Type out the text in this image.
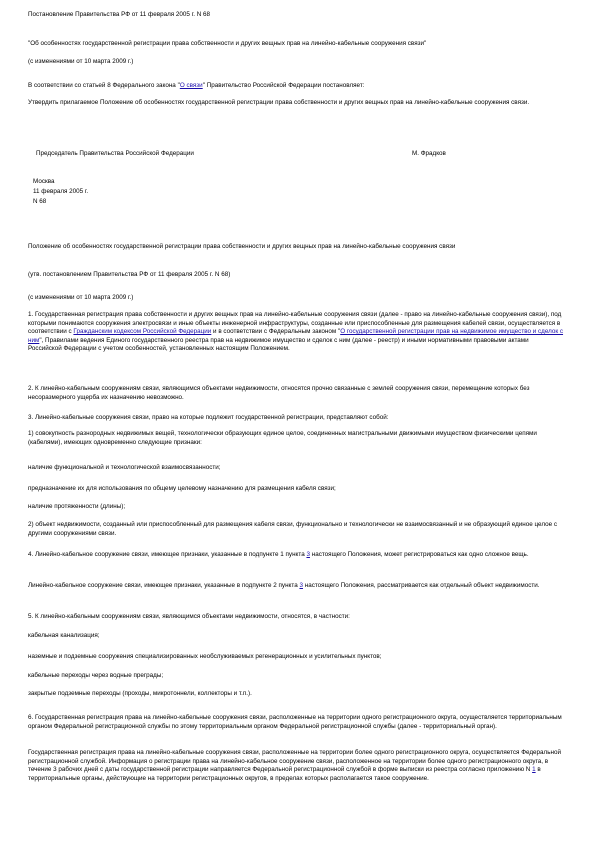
Постановление Правительства РФ от 11 февраля 2005 г. N 68

"Об особенностях государственной регистрации права собственности и других вещных прав на линейно-кабельные сооружения связи"

(с изменениями от 10 марта 2009 г.)

В соответствии со статьей 8 Федерального закона "О связи" Правительство Российской Федерации постановляет:

Утвердить прилагаемое Положение об особенностях государственной регистрации права собственности и других вещных прав на линейно-кабельные сооружения связи.

Председатель Правительства Российской Федерации	М. Фрадков

Москва

11 февраля 2005 г.

N 68

Положение об особенностях государственной регистрации права собственности и других вещных прав на линейно-кабельные сооружения связи

(утв. постановлением Правительства РФ от 11 февраля 2005 г. N 68)

(с изменениями от 10 марта 2009 г.)

1. Государственная регистрация права собственности и других вещных прав на линейно-кабельные сооружения связи (далее - право на линейно-кабельные сооружения связи), под которыми понимаются сооружения электросвязи и иные объекты инженерной инфраструктуры, созданные или приспособленные для размещения кабелей связи, осуществляется в соответствии с Гражданским кодексом Российской Федерации и в соответствии с Федеральным законом "О государственной регистрации прав на недвижимое имущество и сделок с ним", Правилами ведения Единого государственного реестра прав на недвижимое имущество и сделок с ним (далее - реестр) и иными нормативными правовыми актами Российской Федерации с учетом особенностей, установленных настоящим Положением.

2. К линейно-кабельным сооружениям связи, являющимся объектами недвижимости, относятся прочно связанные с землей сооружения связи, перемещение которых без несоразмерного ущерба их назначению невозможно.

3. Линейно-кабельные сооружения связи, право на которые подлежит государственной регистрации, представляют собой:

1) совокупность разнородных недвижимых вещей, технологически образующих единое целое, соединенных магистральными движимыми имуществом физическими цепями (кабелями), имеющих одновременно следующие признаки:

наличие функциональной и технологической взаимосвязанности;

предназначение их для использования по общему целевому назначению для размещения кабеля связи;

наличие протяженности (длины);

2) объект недвижимости, созданный или приспособленный для размещения кабеля связи, функционально и технологически не взаимосвязанный и не образующий единое целое с другими сооружениями связи.

4. Линейно-кабельное сооружение связи, имеющее признаки, указанные в подпункте 1 пункта 3 настоящего Положения, может регистрироваться как одно сложное вещь.

Линейно-кабельное сооружение связи, имеющее признаки, указанные в подпункте 2 пункта 3 настоящего Положения, рассматривается как отдельный объект недвижимости.

5. К линейно-кабельным сооружениям связи, являющимся объектами недвижимости, относятся, в частности:

кабельная канализация;

наземные и подземные сооружения специализированных необслуживаемых регенерационных и усилительных пунктов;

кабельные переходы через водные преграды;

закрытые подземные переходы (проходы, микротоннели, коллекторы и т.п.).

6. Государственная регистрация права на линейно-кабельные сооружения связи, расположенные на территории одного регистрационного округа, осуществляется территориальным органом Федеральной регистрационной службы по этому территориальным органом Федеральной регистрационной службы (далее - территориальный орган).

Государственная регистрация права на линейно-кабельные сооружения связи, расположенные на территории более одного регистрационного округа, осуществляется Федеральной регистрационной службой. Информация о регистрации права на линейно-кабельное сооружение связи, расположенное на территории более одного регистрационного округа, в течение 3 рабочих дней с даты государственной регистрации направляется Федеральной регистрационной службой в форме выписки из реестра согласно приложению N 1 в территориальные органы, действующие на территории регистрационных округов, в пределах которых располагается такое сооружение.
